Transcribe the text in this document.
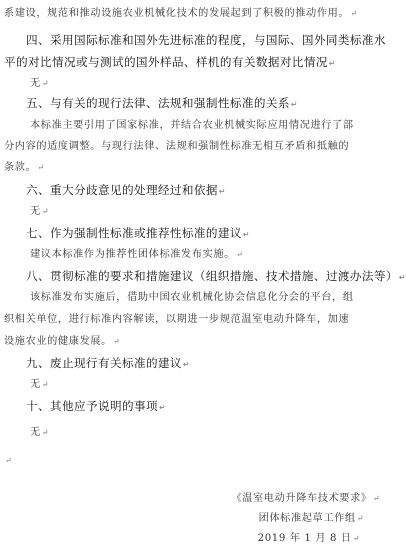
系建设，规范和推动设施农业机械化技术的发展起到了积极的推动作用。↵
四、采用国际标准和国外先进标准的程度，与国际、国外同类标准水
平的对比情况或与测试的国外样品、样机的有关数据对比情况↵
无↵
五、与有关的现行法律、法规和强制性标准的关系↵
本标准主要引用了国家标准，并结合农业机械实际应用情况进行了部
分内容的适度调整。与现行法律、法规和强制性标准无相互矛盾和抵触的
条款。↵
六、重大分歧意见的处理经过和依据↵
无↵
七、作为强制性标准或推荐性标准的建议↵
建议本标准作为推荐性团体标准发布实施。↵
八、贯彻标准的要求和措施建议（组织措施、技术措施、过渡办法等）↵
该标准发布实施后，借助中国农业机械化协会信息化分会的平台，组
织相关单位，进行标准内容解读，以期进一步规范温室电动升降车，加速
设施农业的健康发展。↵
九、废止现行有关标准的建议↵
无↵
十、其他应予说明的事项↵
无↵
↵
《温室电动升降车技术要求》↵
团体标准起草工作组↵
2019 年 1 月 8 日↵
